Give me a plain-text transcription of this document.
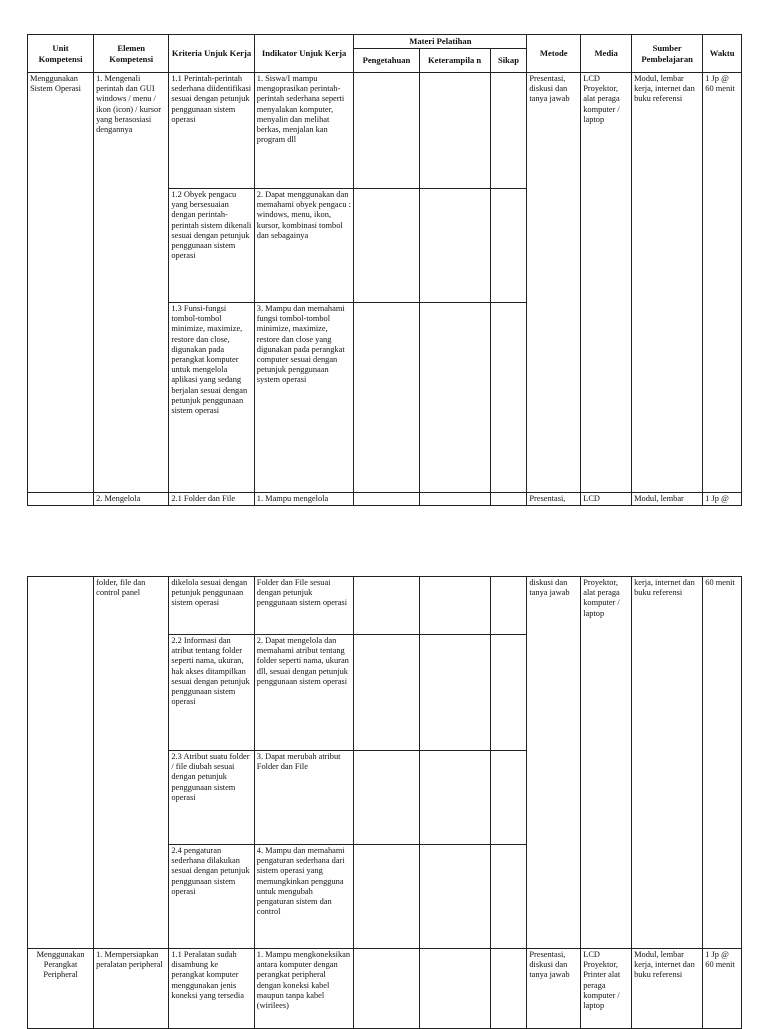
Unit Kompetensi	Elemen Kompetensi	Kriteria Unjuk Kerja	Indikator Unjuk Kerja	Materi Pelatihan			Metode	Media	Sumber Pembelajaran	Waktu
				Pengetahuan	Keterampila n	Sikap				
Menggunakan Sistem Operasi	1. Mengenali perintah dan GUI windows / menu / ikon (icon) / kursor yang berasosiasi dengannya	1.1 Perintah-perintah sederhana diidentifikasi sesuai dengan petunjuk penggunaan sistem operasi	1. Siswa/I mampu mengoprasikan perintah-perintah sederhana seperti menyalakan komputer, menyalin dan melihat berkas, menjalan kan program dll				Presentasi, diskusi dan tanya jawab	LCD Proyektor, alat peraga komputer / laptop	Modul, lembar kerja, internet dan buku referensi	1 Jp @ 60 menit
		1.2 Obyek pengacu yang bersesuaian dengan perintah-perintah sistem dikenali sesuai dengan petunjuk penggunaan sistem operasi	2. Dapat menggunakan dan memahami obyek pengacu : windows, menu, ikon, kursor, kombinasi tombol dan sebagainya							
		1.3 Funsi-fungsi tombol-tombol minimize, maximize, restore dan close, digunakan pada perangkat komputer untuk mengelola aplikasi yang sedang berjalan sesuai dengan petunjuk penggunaan sistem operasi	3. Mampu dan memahami fungsi tombol-tombol minimize, maximize, restore dan close yang digunakan pada perangkat computer sesuai dengan petunjuk penggunaan system operasi							
	2. Mengelola	2.1 Folder dan File	1. Mampu mengelola				Presentasi,	LCD	Modul, lembar	1 Jp @
	folder, file dan control panel	dikelola sesuai dengan petunjuk penggunaan sistem operasi	Folder dan File sesuai dengan petunjuk penggunaan sistem operasi				diskusi dan tanya jawab	Proyektor, alat peraga komputer / laptop	kerja, internet dan buku referensi	60 menit
		2.2 Informasi dan atribut tentang folder seperti nama, ukuran, hak akses ditampilkan sesuai dengan petunjuk penggunaan sistem operasi	2. Dapat mengelola dan memahami atribut tentang folder seperti nama, ukuran dll, sesuai dengan petunjuk penggunaan sistem operasi							
		2.3 Atribut suatu folder / file diubah sesuai dengan petunjuk penggunaan sistem operasi	3. Dapat merubah atribut Folder dan File							
		2.4 pengaturan sederhana dilakukan sesuai dengan petunjuk penggunaan sistem operasi	4. Mampu dan memahami pengaturan sederhana dari sistem operasi yang memungkinkan pengguna untuk mengubah pengaturan sistem dan control							
Menggunakan Perangkat Peripheral	1. Mempersiapkan peralatan peripheral	1.1 Peralatan sudah disambung ke perangkat komputer menggunakan jenis koneksi yang tersedia	1. Mampu mengkoneksikan antara komputer dengan perangkat peripheral dengan koneksi kabel maupun tanpa kabel (wirilees)				Presentasi, diskusi dan tanya jawab	LCD Proyektor, Printer alat peraga komputer / laptop	Modul, lembar kerja, internet dan buku referensi	1 Jp @ 60 menit
